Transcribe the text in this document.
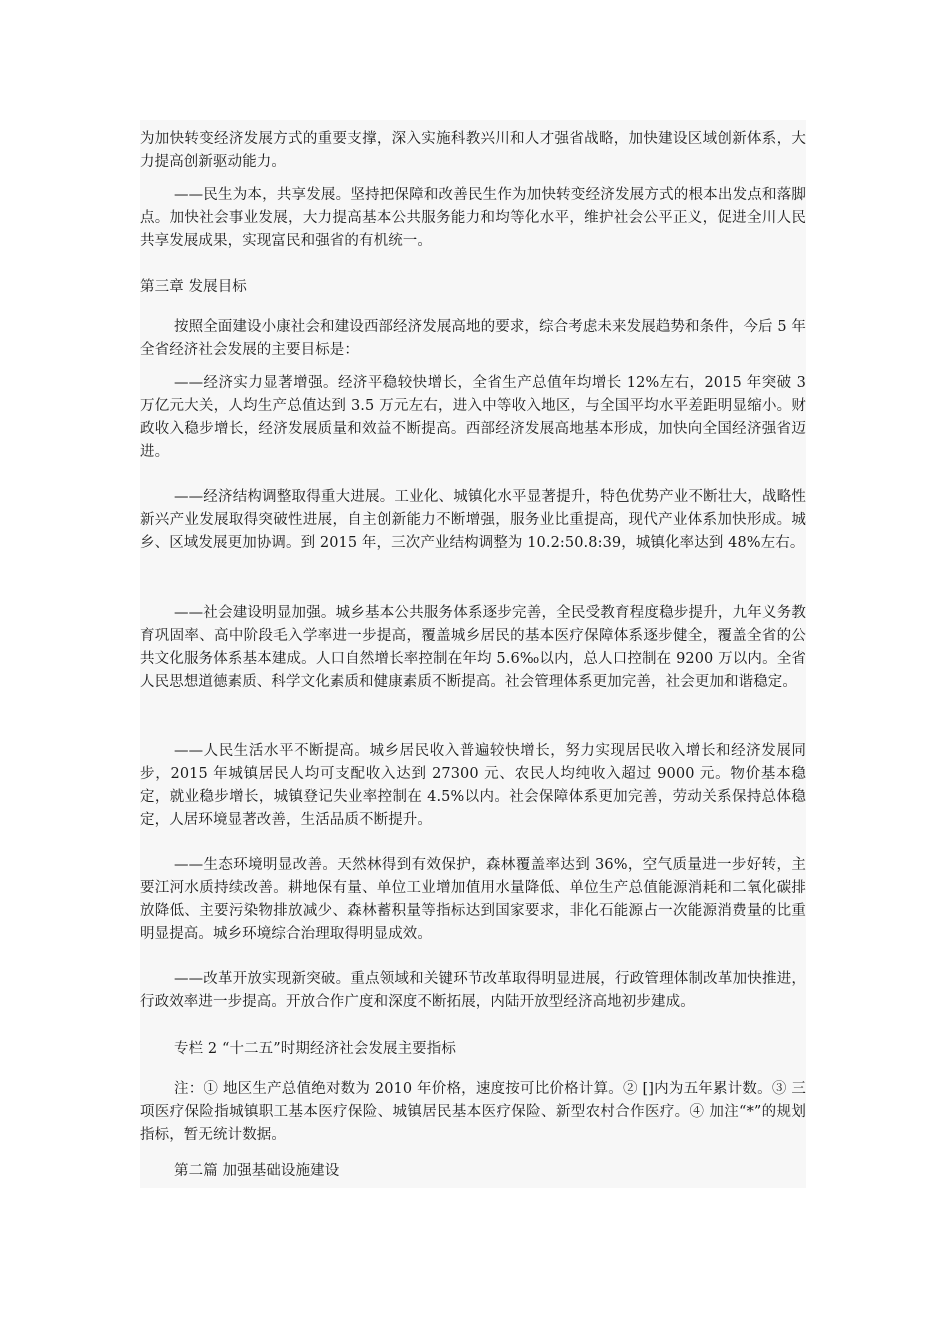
为加快转变经济发展方式的重要支撑，深入实施科教兴川和人才强省战略，加快建设区域创新体系，大力提高创新驱动能力。

——民生为本，共享发展。坚持把保障和改善民生作为加快转变经济发展方式的根本出发点和落脚点。加快社会事业发展，大力提高基本公共服务能力和均等化水平，维护社会公平正义，促进全川人民共享发展成果，实现富民和强省的有机统一。

第三章 发展目标

按照全面建设小康社会和建设西部经济发展高地的要求，综合考虑未来发展趋势和条件，今后 5 年全省经济社会发展的主要目标是：

——经济实力显著增强。经济平稳较快增长，全省生产总值年均增长 12%左右，2015 年突破 3 万亿元大关，人均生产总值达到 3.5 万元左右，进入中等收入地区，与全国平均水平差距明显缩小。财政收入稳步增长，经济发展质量和效益不断提高。西部经济发展高地基本形成，加快向全国经济强省迈进。

——经济结构调整取得重大进展。工业化、城镇化水平显著提升，特色优势产业不断壮大，战略性新兴产业发展取得突破性进展，自主创新能力不断增强，服务业比重提高，现代产业体系加快形成。城乡、区域发展更加协调。到 2015 年，三次产业结构调整为 10.2:50.8:39，城镇化率达到 48%左右。

——社会建设明显加强。城乡基本公共服务体系逐步完善，全民受教育程度稳步提升，九年义务教育巩固率、高中阶段毛入学率进一步提高，覆盖城乡居民的基本医疗保障体系逐步健全，覆盖全省的公共文化服务体系基本建成。人口自然增长率控制在年均 5.6‰以内，总人口控制在 9200 万以内。全省人民思想道德素质、科学文化素质和健康素质不断提高。社会管理体系更加完善，社会更加和谐稳定。

——人民生活水平不断提高。城乡居民收入普遍较快增长，努力实现居民收入增长和经济发展同步，2015 年城镇居民人均可支配收入达到 27300 元、农民人均纯收入超过 9000 元。物价基本稳定，就业稳步增长，城镇登记失业率控制在 4.5%以内。社会保障体系更加完善，劳动关系保持总体稳定，人居环境显著改善，生活品质不断提升。

——生态环境明显改善。天然林得到有效保护，森林覆盖率达到 36%，空气质量进一步好转，主要江河水质持续改善。耕地保有量、单位工业增加值用水量降低、单位生产总值能源消耗和二氧化碳排放降低、主要污染物排放减少、森林蓄积量等指标达到国家要求，非化石能源占一次能源消费量的比重明显提高。城乡环境综合治理取得明显成效。

——改革开放实现新突破。重点领域和关键环节改革取得明显进展，行政管理体制改革加快推进，行政效率进一步提高。开放合作广度和深度不断拓展，内陆开放型经济高地初步建成。

专栏 2 “十二五”时期经济社会发展主要指标

注：① 地区生产总值绝对数为 2010 年价格，速度按可比价格计算。② []内为五年累计数。③ 三项医疗保险指城镇职工基本医疗保险、城镇居民基本医疗保险、新型农村合作医疗。④ 加注“*”的规划指标，暂无统计数据。

第二篇 加强基础设施建设
